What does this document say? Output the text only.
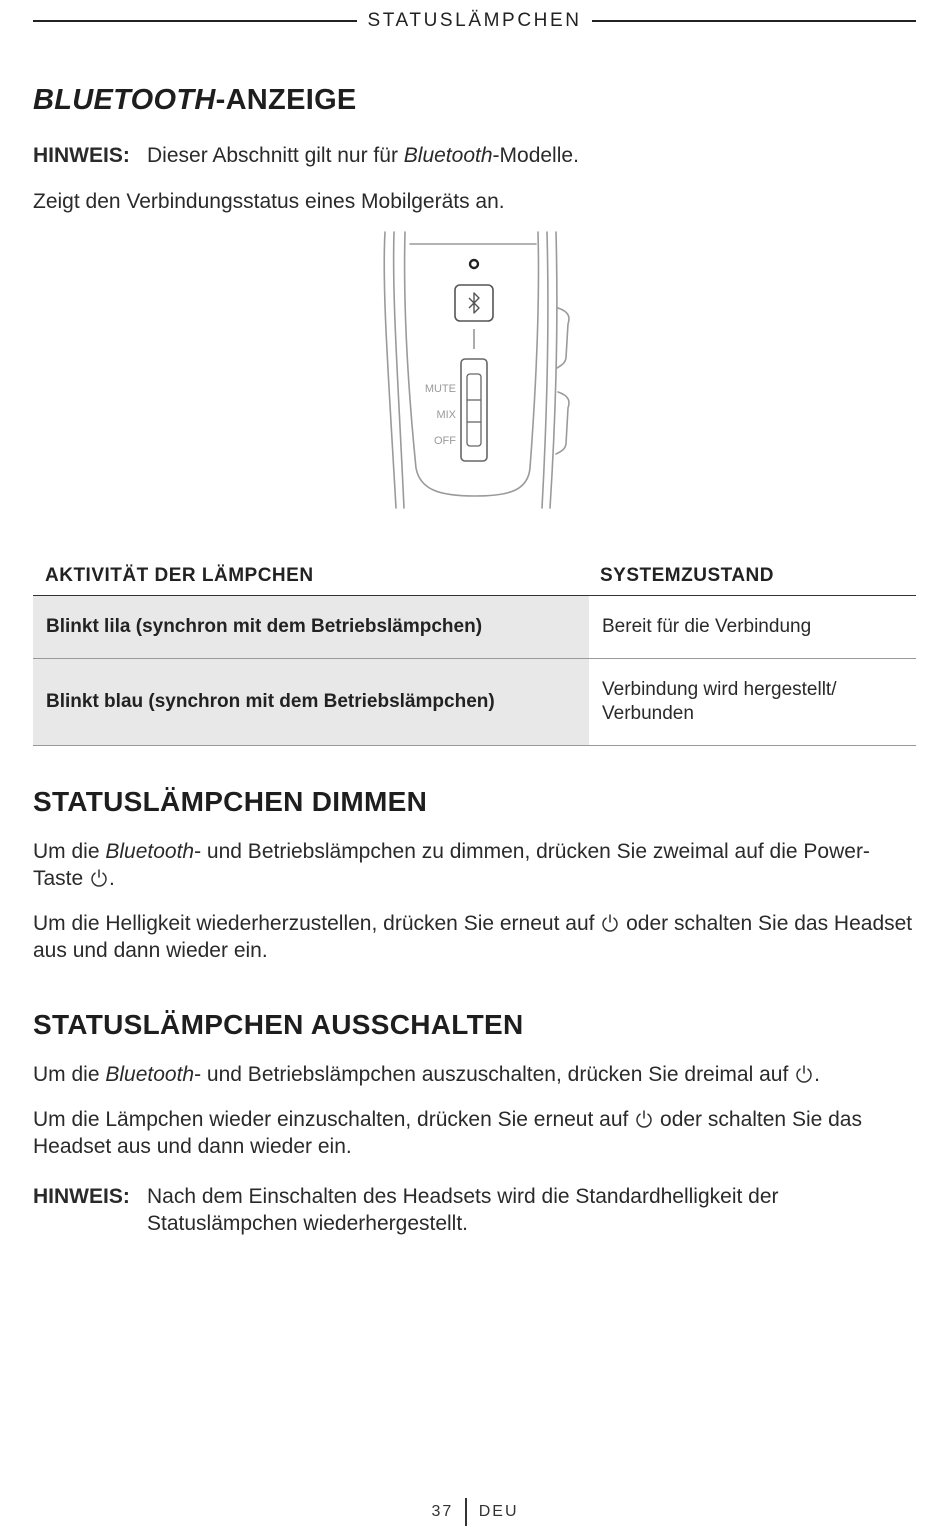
STATUSLÄMPCHEN
BLUETOOTH-ANZEIGE
HINWEIS: Dieser Abschnitt gilt nur für Bluetooth-Modelle.
Zeigt den Verbindungsstatus eines Mobilgeräts an.
MUTE
MIX
OFF
AKTIVITÄT DER LÄMPCHEN	SYSTEMZUSTAND
Blinkt lila (synchron mit dem Betriebslämpchen)	Bereit für die Verbindung
Blinkt blau (synchron mit dem Betriebslämpchen)
Verbindung wird hergestellt/ Verbunden
STATUSLÄMPCHEN DIMMEN
Um die Bluetooth- und Betriebslämpchen zu dimmen, drücken Sie zweimal auf die Power-Taste .
Um die Helligkeit wiederherzustellen, drücken Sie erneut auf  oder schalten Sie das Headset aus und dann wieder ein.
STATUSLÄMPCHEN AUSSCHALTEN
Um die Bluetooth- und Betriebslämpchen auszuschalten, drücken Sie dreimal auf .
Um die Lämpchen wieder einzuschalten, drücken Sie erneut auf  oder schalten Sie das Headset aus und dann wieder ein.
HINWEIS: Nach dem Einschalten des Headsets wird die Standardhelligkeit der Statuslämpchen wiederhergestellt.
37 DEU
